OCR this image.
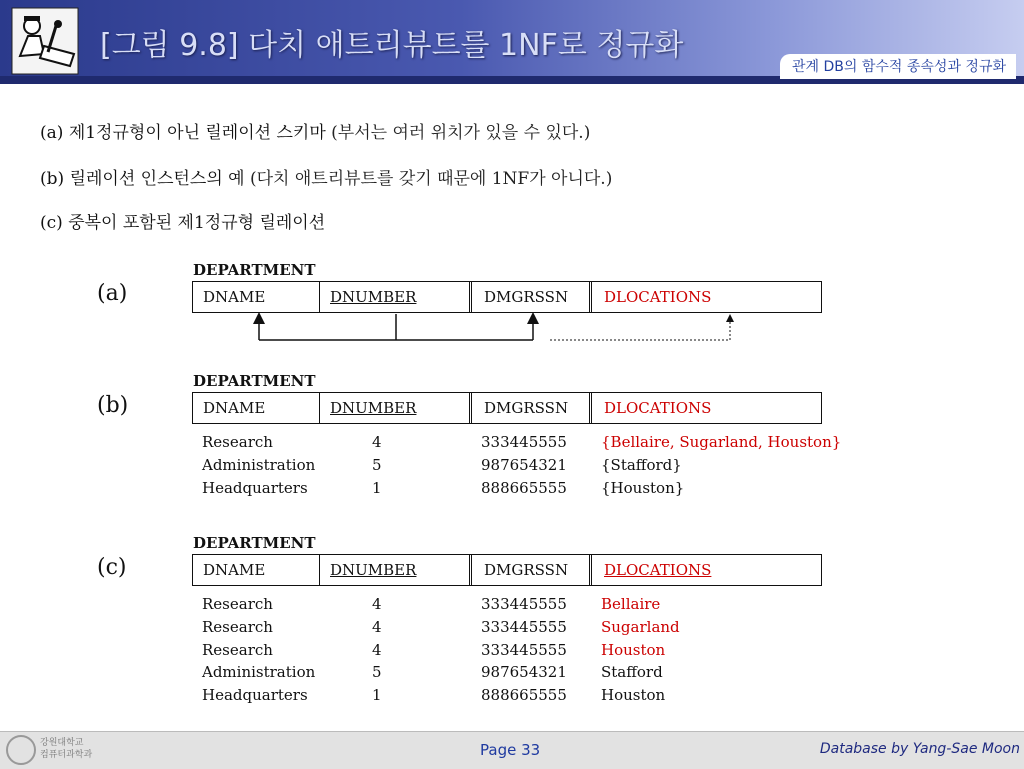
[그림 9.8] 다치 애트리뷰트를 1NF로 정규화
관계 DB의 함수적 종속성과 정규화
(a) 제1정규형이 아닌 릴레이션 스키마 (부서는 여러 위치가 있을 수 있다.)
(b) 릴레이션 인스턴스의 예 (다치 애트리뷰트를 갖기 때문에 1NF가 아니다.)
(c) 중복이 포함된 제1정규형 릴레이션
(a)
DEPARTMENT
DNAME	DNUMBER	DMGRSSN	DLOCATIONS
(b)
DEPARTMENT
DNAME	DNUMBER	DMGRSSN	DLOCATIONS
Research	4	333445555 {Bellaire, Sugarland, Houston}
Administration	5	987654321 {Stafford}
Headquarters	1	888665555 {Houston}
(c)
DEPARTMENT
DNAME	DNUMBER	DMGRSSN	DLOCATIONS
Research	4	333445555 Bellaire
Research	4	333445555 Sugarland
Research	4	333445555 Houston
Administration	5	987654321 Stafford
Headquarters	1	888665555 Houston
강원대학교
컴퓨터과학과	Page 33	Database by Yang-Sae Moon
